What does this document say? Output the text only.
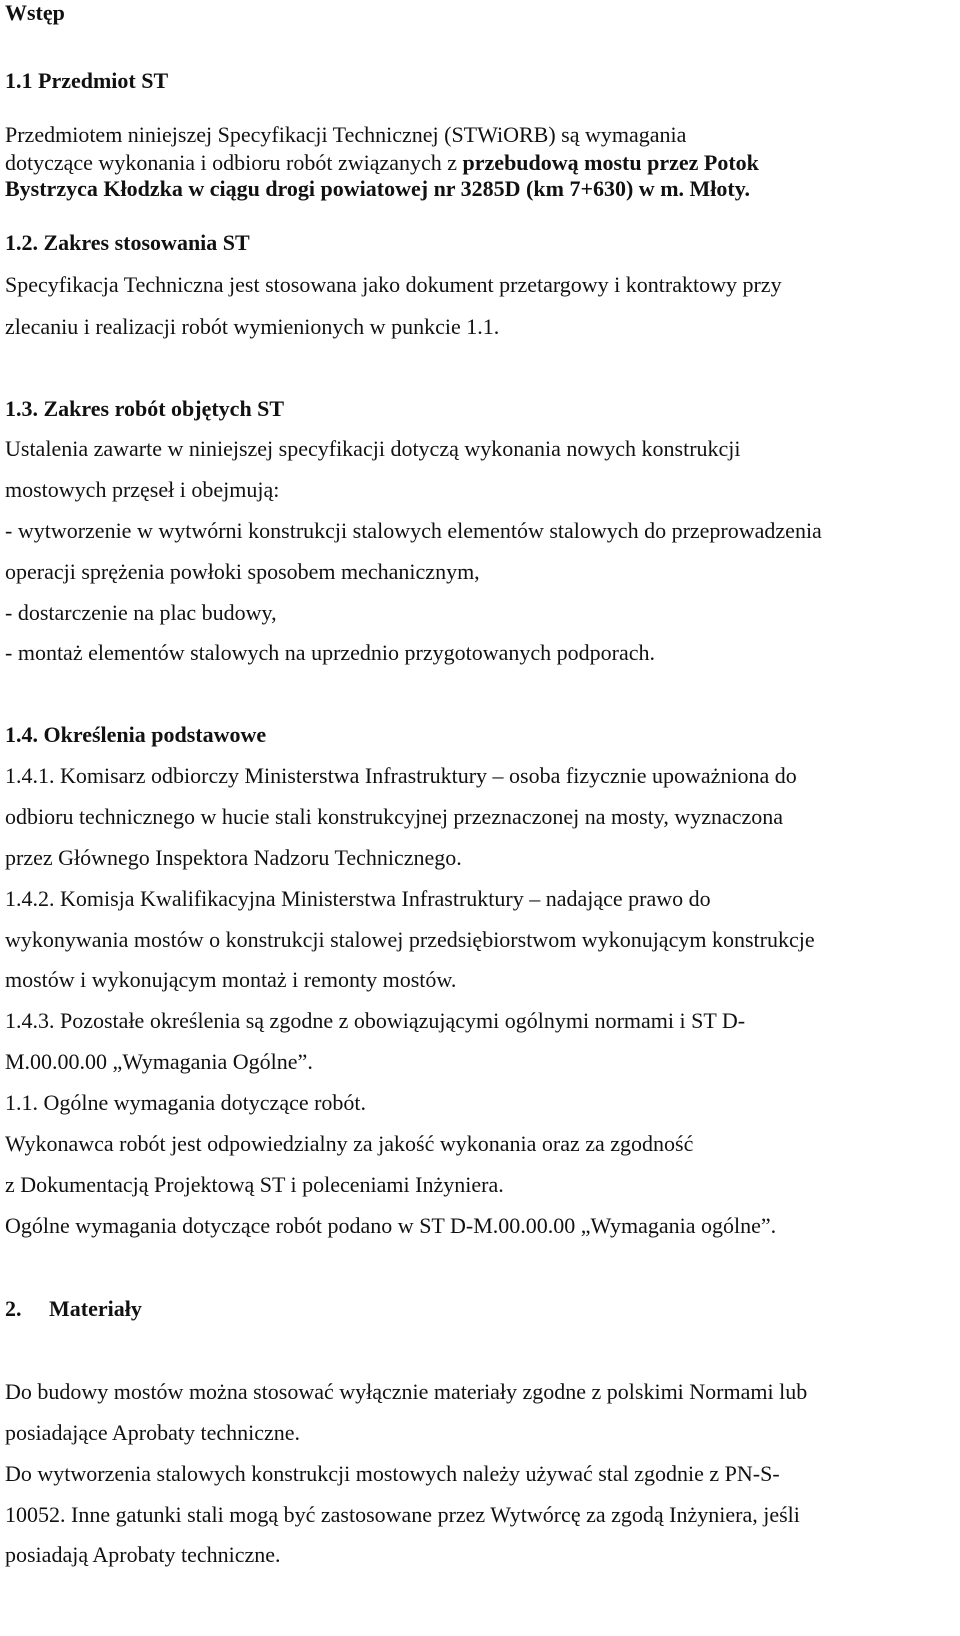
Wstęp
1.1 Przedmiot ST
Przedmiotem niniejszej Specyfikacji Technicznej (STWiORB) są wymagania
dotyczące wykonania i odbioru robót związanych z przebudową mostu przez Potok
Bystrzyca Kłodzka w ciągu drogi powiatowej nr 3285D (km 7+630) w m. Młoty.
1.2. Zakres stosowania ST
Specyfikacja Techniczna jest stosowana jako dokument przetargowy i kontraktowy przy
zlecaniu i realizacji robót wymienionych w punkcie 1.1.
1.3. Zakres robót objętych ST
Ustalenia zawarte w niniejszej specyfikacji dotyczą wykonania nowych konstrukcji
mostowych przęseł i obejmują:
- wytworzenie w wytwórni konstrukcji stalowych elementów stalowych do przeprowadzenia
operacji sprężenia powłoki sposobem mechanicznym,
- dostarczenie na plac budowy,
- montaż elementów stalowych na uprzednio przygotowanych podporach.
1.4. Określenia podstawowe
1.4.1. Komisarz odbiorczy Ministerstwa Infrastruktury – osoba fizycznie upoważniona do
odbioru technicznego w hucie stali konstrukcyjnej przeznaczonej na mosty, wyznaczona
przez Głównego Inspektora Nadzoru Technicznego.
1.4.2. Komisja Kwalifikacyjna Ministerstwa Infrastruktury – nadające prawo do
wykonywania mostów o konstrukcji stalowej przedsiębiorstwom wykonującym konstrukcje
mostów i wykonującym montaż i remonty mostów.
1.4.3. Pozostałe określenia są zgodne z obowiązującymi ogólnymi normami i ST D-
M.00.00.00 „Wymagania Ogólne”.
1.1. Ogólne wymagania dotyczące robót.
Wykonawca robót jest odpowiedzialny za jakość wykonania oraz za zgodność
z Dokumentacją Projektową ST i poleceniami Inżyniera.
Ogólne wymagania dotyczące robót podano w ST D-M.00.00.00 „Wymagania ogólne”.
2. Materiały
Do budowy mostów można stosować wyłącznie materiały zgodne z polskimi Normami lub
posiadające Aprobaty techniczne.
Do wytworzenia stalowych konstrukcji mostowych należy używać stal zgodnie z PN-S-
10052. Inne gatunki stali mogą być zastosowane przez Wytwórcę za zgodą Inżyniera, jeśli
posiadają Aprobaty techniczne.
